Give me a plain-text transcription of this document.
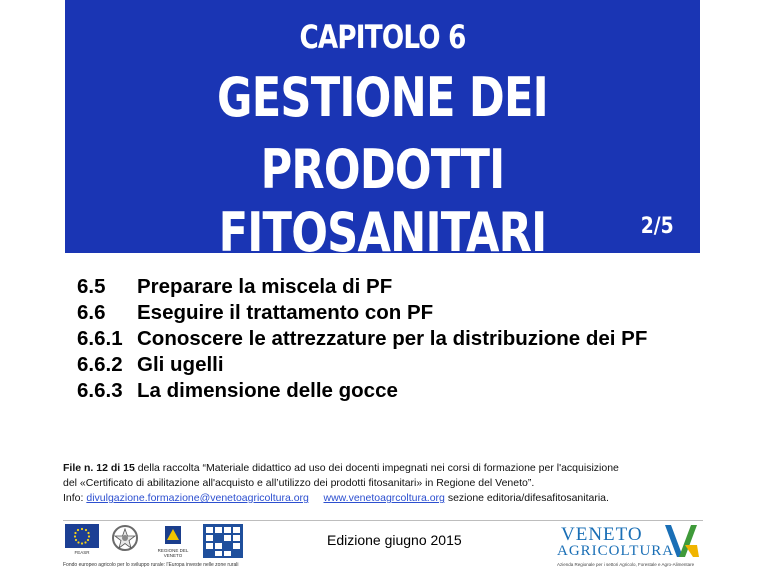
CAPITOLO 6
GESTIONE DEI
PRODOTTI FITOSANITARI	2/5
6.5	Preparare la miscela di PF
6.6	Eseguire il trattamento con PF
6.6.1 Conoscere le attrezzature per la distribuzione dei PF
6.6.2 Gli ugelli
6.6.3 La dimensione delle gocce
File n. 12 di 15 della raccolta “Materiale didattico ad uso dei docenti impegnati nei corsi di formazione per l'acquisizione
del «Certificato di abilitazione all'acquisto e all’utilizzo dei prodotti fitosanitari» in Regione del Veneto”.
Info: divulgazione.formazione@venetoagricoltura.org www.venetoagrcoltura.org sezione editoria/difesafitosanitaria.
FEASR	REGIONE DEL VENETO
Fondo europeo agricolo per lo sviluppo rurale: l'Europa investe nelle zone rurali
Edizione giugno 2015	VENETO
AGRICOLTURA
Azienda Regionale per i settori Agricolo, Forestale e Agro-Alimentare
